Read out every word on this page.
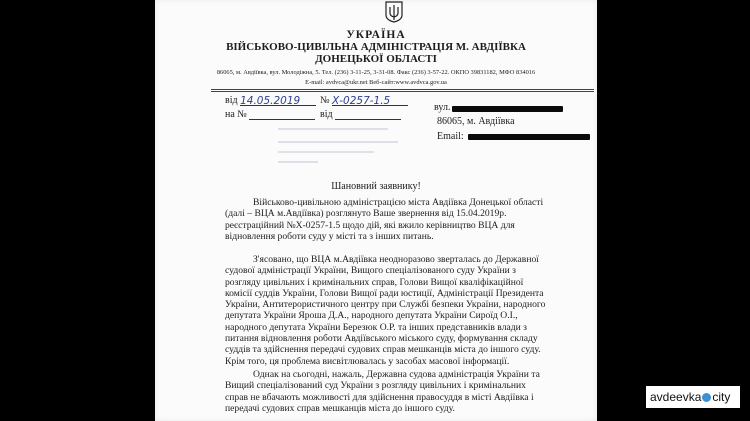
УКРАЇНА
ВІЙСЬКОВО-ЦИВІЛЬНА АДМІНІСТРАЦІЯ М. АВДІЇВКА
ДОНЕЦЬКОЇ ОБЛАСТІ
86065, м. Авдіївка, вул. Молодіжна, 5. Тел. (236) 3-11-25, 3-31-08. Факс (236) 3-57-22. ОКПО 39831182, МФО 834016
E-mail: avdvca@ukr.net Веб-сайт:www.avdvca.gov.ua
від 14.05.2019	№ Х-0257-1.5
на №	від
вул.
86065, м. Авдіївка
Email:
Шановний заявнику!
Військово-цивільною адміністрацією міста Авдіївка Донецької області
(далі – ВЦА м.Авдіївка) розглянуто Ваше звернення від 15.04.2019р.
реєстраційний №Х-0257-1.5 щодо дій, які вжило керівництво ВЦА для
відновлення роботи суду у місті та з інших питань.
З'ясовано, що ВЦА м.Авдіївка неодноразово зверталась до Державної
судової адміністрації України, Вищого спеціалізованого суду України з
розгляду цивільних і кримінальних справ, Голови Вищої кваліфікаційної
комісії суддів України, Голови Вищої ради юстиції, Адміністрації Президента
України, Антитерористичного центру при Службі безпеки України, народного
депутата України Яроша Д.А., народного депутата України Сироїд О.І.,
народного депутата України Березюк О.Р. та інших представників влади з
питання відновлення роботи Авдіївського міського суду, формування складу
суддів та здійснення передачі судових справ мешканців міста до іншого суду.
Крім того, ця проблема висвітлювалась у засобах масової інформації.
Однак на сьогодні, нажаль, Державна судова адміністрація України та
Вищий спеціалізований суд України з розгляду цивільних і кримінальних
справ не вбачають можливості для здійснення правосуддя в місті Авдіївка і
передачі судових справ мешканців міста до іншого суду.
avdeevka city
